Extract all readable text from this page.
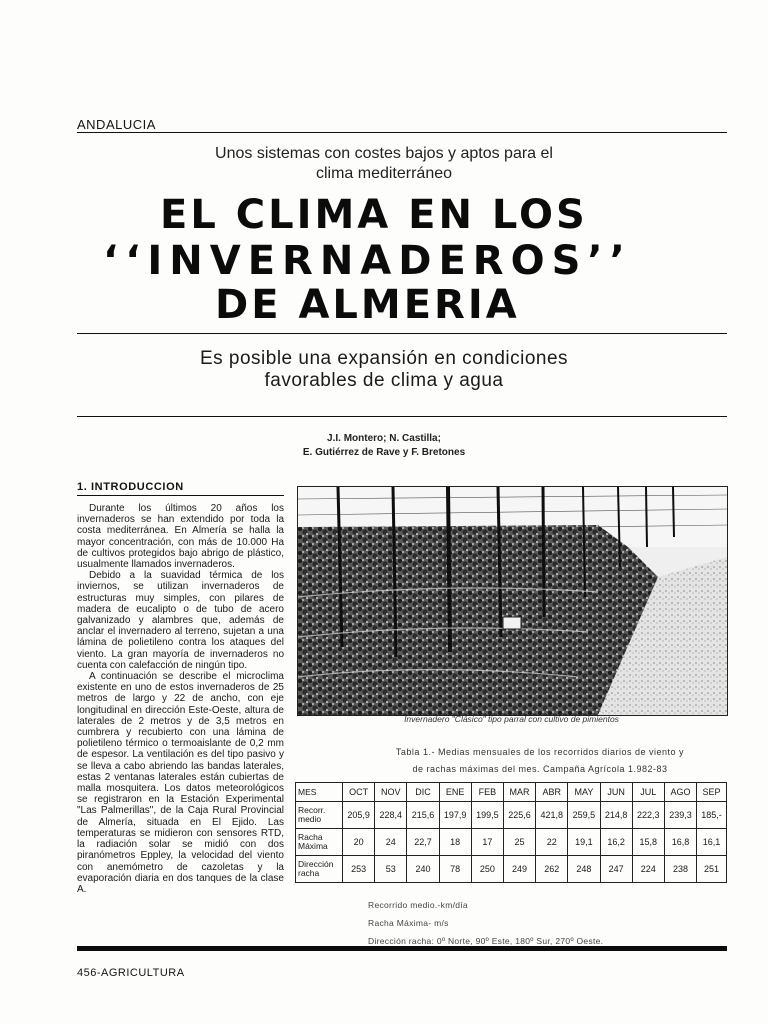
ANDALUCIA
Unos sistemas con costes bajos y aptos para el
clima mediterráneo
EL CLIMA EN LOS
‘‘INVERNADEROS’’
DE ALMERIA
Es posible una expansión en condiciones
favorables de clima y agua
J.I. Montero; N. Castilla;
E. Gutiérrez de Rave y F. Bretones
1. INTRODUCCION

Durante los últimos 20 años los invernaderos se han extendido por toda la costa mediterránea. En Almería se halla la mayor concentración, con más de 10.000 Ha de cultivos protegidos bajo abrigo de plástico, usualmente llamados invernaderos.

Debido a la suavidad térmica de los inviernos, se utilizan invernaderos de estructuras muy simples, con pilares de madera de eucalipto o de tubo de acero galvanizado y alambres que, además de anclar el invernadero al terreno, sujetan a una lámina de polietileno contra los ataques del viento. La gran mayoría de invernaderos no cuenta con calefacción de ningún tipo.

A continuación se describe el microclima existente en uno de estos invernaderos de 25 metros de largo y 22 de ancho, con eje longitudinal en dirección Este-Oeste, altura de laterales de 2 metros y de 3,5 metros en cumbrera y recubierto con una lámina de polietileno térmico o termoaislante de 0,2 mm de espesor. La ventilación es del tipo pasivo y se lleva a cabo abriendo las bandas laterales, estas 2 ventanas laterales están cubiertas de malla mosquitera. Los datos meteorológicos se registraron en la Estación Experimental "Las Palmerillas", de la Caja Rural Provincial de Almería, situada en El Ejido. Las temperaturas se midieron con sensores RTD, la radiación solar se midió con dos piranómetros Eppley, la velocidad del viento con anemómetro de cazoletas y la evaporación diaria en dos tanques de la clase A.

Invernadero "Clásico" tipo parral con cultivo de pimientos
Tabla 1.- Medias mensuales de los recorridos diarios de viento y
de rachas máximas del mes. Campaña Agrícola 1.982-83
MES	OCT	NOV	DIC	ENE	FEB	MAR	ABR	MAY	JUN	JUL	AGO	SEP
Recorr. medio	205,9	228,4	215,6	197,9	199,5	225,6	421,8	259,5	214,8	222,3	239,3	185,-
Racha Máxima	20	24	22,7	18	17	25	22	19,1	16,2	15,8	16,8	16,1
Dirección racha	253	53	240	78	250	249	262	248	247	224	238	251
Recorrido medio.-km/día
Racha Máxima- m/s
Dirección racha: 0º Norte, 90º Este, 180º Sur, 270º Oeste.
456-AGRICULTURA
